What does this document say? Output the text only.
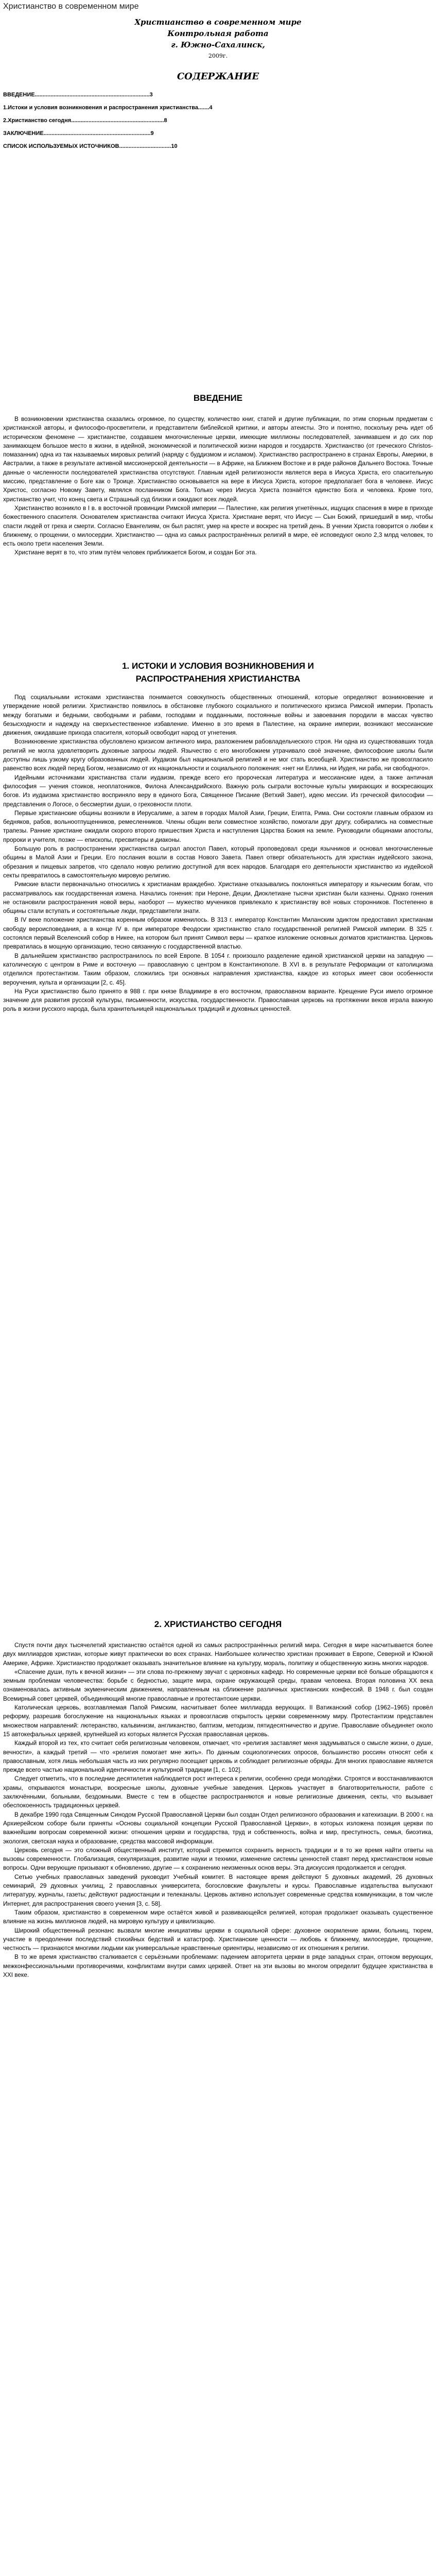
Христианство в современном мире
Христианство в современном мире
Контрольная работа
г. Южно-Сахалинск,
2009г.
СОДЕРЖАНИЕ
ВВЕДЕНИЕ.........................................................................3
1.Истоки и условия возникновения и распространения христианства.......4
2.Христианство сегодня...........................................................8
ЗАКЛЮЧЕНИЕ....................................................................9
СПИСОК ИСПОЛЬЗУЕМЫХ ИСТОЧНИКОВ.................................10
ВВЕДЕНИЕ

В возникновении христианства сказались огромное, по существу, количество книг, статей и другие публикации, по этим спорным предметам с христианской авторы, и философо-просветители, и представители библейской критики, и авторы атеисты. Это и понятно, поскольку речь идет об историческом феномене — христианстве, создавшем многочисленные церкви, имеющие миллионы последователей, занимавшем и до сих пор занимающем большое место в жизни, в идейной, экономической и политической жизни народов и государств. Христианство (от греческого Christos- помазанник) одна из так называемых мировых религий (наряду с буддизмом и исламом). Христианство распространено в странах Европы, Америки, в Австралии, а также в результате активной миссионерской деятельности — в Африке, на Ближнем Востоке и в ряде районов Дальнего Востока. Точные данные о численности последователей христианства отсутствуют. Главным идей религиозности является вера в Иисуса Христа, его спасительную миссию, представление о Боге как о Троице. Христианство основывается на вере в Иисуса Христа, которое предполагает бога в человеке. Иисус Христос, согласно Новому Завету, являлся посланником Бога. Только через Иисуса Христа познаётся единство Бога и человека. Кроме того, христианство учит, что конец света и Страшный суд близки и ожидают всех людей.

Христианство возникло в I в. в восточной провинции Римской империи — Палестине, как религия угнетённых, ищущих спасения в мире в приходе божественного спасителя. Основателем христианства считают Иисуса Христа. Христиане верят, что Иисус — Сын Божий, пришедший в мир, чтобы спасти людей от греха и смерти. Согласно Евангелиям, он был распят, умер на кресте и воскрес на третий день. В учении Христа говорится о любви к ближнему, о прощении, о милосердии. Христианство — одна из самых распространённых религий в мире, её исповедуют около 2,3 млрд человек, то есть около трети населения Земли.

Христиане верят в то, что этим путём человек приближается Богом, и создан Бог эта.

1. ИСТОКИ И УСЛОВИЯ ВОЗНИКНОВЕНИЯ И
РАСПРОСТРАНЕНИЯ ХРИСТИАНСТВА

Под социальными истоками христианства понимается совокупность общественных отношений, которые определяют возникновение и утверждение новой религии. Христианство появилось в обстановке глубокого социального и политического кризиса Римской империи. Пропасть между богатыми и бедными, свободными и рабами, господами и подданными, постоянные войны и завоевания породили в массах чувство безысходности и надежду на сверхъестественное избавление. Именно в это время в Палестине, на окраине империи, возникают мессианские движения, ожидавшие прихода спасителя, который освободит народ от угнетения.

Возникновение христианства обусловлено кризисом античного мира, разложением рабовладельческого строя. Ни одна из существовавших тогда религий не могла удовлетворить духовные запросы людей. Язычество с его многобожием утрачивало своё значение, философские школы были доступны лишь узкому кругу образованных людей. Иудаизм был национальной религией и не мог стать всеобщей. Христианство же провозгласило равенство всех людей перед Богом, независимо от их национальности и социального положения: «нет ни Еллина, ни Иудея, ни раба, ни свободного».

Идейными источниками христианства стали иудаизм, прежде всего его пророческая литература и мессианские идеи, а также античная философия — учения стоиков, неоплатоников, Филона Александрийского. Важную роль сыграли восточные культы умирающих и воскресающих богов. Из иудаизма христианство восприняло веру в единого Бога, Священное Писание (Ветхий Завет), идею мессии. Из греческой философии — представления о Логосе, о бессмертии души, о греховности плоти.

Первые христианские общины возникли в Иерусалиме, а затем в городах Малой Азии, Греции, Египта, Рима. Они состояли главным образом из бедняков, рабов, вольноотпущенников, ремесленников. Члены общин вели совместное хозяйство, помогали друг другу, собирались на совместные трапезы. Ранние христиане ожидали скорого второго пришествия Христа и наступления Царства Божия на земле. Руководили общинами апостолы, пророки и учителя, позже — епископы, пресвитеры и диаконы.

Большую роль в распространении христианства сыграл апостол Павел, который проповедовал среди язычников и основал многочисленные общины в Малой Азии и Греции. Его послания вошли в состав Нового Завета. Павел отверг обязательность для христиан иудейского закона, обрезания и пищевых запретов, что сделало новую религию доступной для всех народов. Благодаря его деятельности христианство из иудейской секты превратилось в самостоятельную мировую религию.

Римские власти первоначально относились к христианам враждебно. Христиане отказывались поклоняться императору и языческим богам, что рассматривалось как государственная измена. Начались гонения: при Нероне, Деции, Диоклетиане тысячи христиан были казнены. Однако гонения не остановили распространения новой веры, наоборот — мужество мучеников привлекало к христианству всё новых сторонников. Постепенно в общины стали вступать и состоятельные люди, представители знати.

В IV веке положение христианства коренным образом изменилось. В 313 г. император Константин Миланским эдиктом предоставил христианам свободу вероисповедания, а в конце IV в. при императоре Феодосии христианство стало государственной религией Римской империи. В 325 г. состоялся первый Вселенский собор в Никее, на котором был принят Символ веры — краткое изложение основных догматов христианства. Церковь превратилась в мощную организацию, тесно связанную с государственной властью.

В дальнейшем христианство распространилось по всей Европе. В 1054 г. произошло разделение единой христианской церкви на западную — католическую с центром в Риме и восточную — православную с центром в Константинополе. В XVI в. в результате Реформации от католицизма отделился протестантизм. Таким образом, сложились три основных направления христианства, каждое из которых имеет свои особенности вероучения, культа и организации [2, с. 45].

На Руси христианство было принято в 988 г. при князе Владимире в его восточном, православном варианте. Крещение Руси имело огромное значение для развития русской культуры, письменности, искусства, государственности. Православная церковь на протяжении веков играла важную роль в жизни русского народа, была хранительницей национальных традиций и духовных ценностей.

2. ХРИСТИАНСТВО СЕГОДНЯ

Спустя почти двух тысячелетий христианство остаётся одной из самых распространённых религий мира. Сегодня в мире насчитывается более двух миллиардов христиан, которые живут практически во всех странах. Наибольшее количество христиан проживает в Европе, Северной и Южной Америке, Африке. Христианство продолжает оказывать значительное влияние на культуру, мораль, политику и общественную жизнь многих народов.

«Спасение души, путь к вечной жизни» — эти слова по-прежнему звучат с церковных кафедр. Но современные церкви всё больше обращаются к земным проблемам человечества: борьбе с бедностью, защите мира, охране окружающей среды, правам человека. Вторая половина XX века ознаменовалась активным экуменическим движением, направленным на сближение различных христианских конфессий. В 1948 г. был создан Всемирный совет церквей, объединяющий многие православные и протестантские церкви.

Католическая церковь, возглавляемая Папой Римским, насчитывает более миллиарда верующих. II Ватиканский собор (1962–1965) провёл реформу, разрешив богослужение на национальных языках и провозгласив открытость церкви современному миру. Протестантизм представлен множеством направлений: лютеранство, кальвинизм, англиканство, баптизм, методизм, пятидесятничество и другие. Православие объединяет около 15 автокефальных церквей, крупнейшей из которых является Русская православная церковь.

Каждый второй из тех, кто считает себя религиозным человеком, отмечает, что «религия заставляет меня задумываться о смысле жизни, о душе, вечности», а каждый третий — что «религия помогает мне жить». По данным социологических опросов, большинство россиян относят себя к православным, хотя лишь небольшая часть из них регулярно посещает церковь и соблюдает религиозные обряды. Для многих православие является прежде всего частью национальной идентичности и культурной традиции [1, с. 102].

Следует отметить, что в последние десятилетия наблюдается рост интереса к религии, особенно среди молодёжи. Строятся и восстанавливаются храмы, открываются монастыри, воскресные школы, духовные учебные заведения. Церковь участвует в благотворительности, работе с заключёнными, больными, бездомными. Вместе с тем в обществе распространяются и новые религиозные движения, секты, что вызывает обеспокоенность традиционных церквей.

В декабре 1990 года Священным Синодом Русской Православной Церкви был создан Отдел религиозного образования и катехизации. В 2000 г. на Архиерейском соборе были приняты «Основы социальной концепции Русской Православной Церкви», в которых изложена позиция церкви по важнейшим вопросам современной жизни: отношения церкви и государства, труд и собственность, война и мир, преступность, семья, биоэтика, экология, светская наука и образование, средства массовой информации.

Церковь сегодня — это сложный общественный институт, который стремится сохранить верность традиции и в то же время найти ответы на вызовы современности. Глобализация, секуляризация, развитие науки и техники, изменение системы ценностей ставят перед христианством новые вопросы. Одни верующие призывают к обновлению, другие — к сохранению неизменных основ веры. Эта дискуссия продолжается и сегодня.

Сетью учебных православных заведений руководит Учебный комитет. В настоящее время действуют 5 духовных академий, 26 духовных семинарий, 29 духовных училищ, 2 православных университета, богословские факультеты и курсы. Православные издательства выпускают литературу, журналы, газеты; действуют радиостанции и телеканалы. Церковь активно использует современные средства коммуникации, в том числе Интернет, для распространения своего учения [3, с. 58].

Таким образом, христианство в современном мире остаётся живой и развивающейся религией, которая продолжает оказывать существенное влияние на жизнь миллионов людей, на мировую культуру и цивилизацию.

Широкий общественный резонанс вызвали многие инициативы церкви в социальной сфере: духовное окормление армии, больниц, тюрем, участие в преодолении последствий стихийных бедствий и катастроф. Христианские ценности — любовь к ближнему, милосердие, прощение, честность — признаются многими людьми как универсальные нравственные ориентиры, независимо от их отношения к религии.

В то же время христианство сталкивается с серьёзными проблемами: падением авторитета церкви в ряде западных стран, оттоком верующих, межконфессиональными противоречиями, конфликтами внутри самих церквей. Ответ на эти вызовы во многом определит будущее христианства в XXI веке.
